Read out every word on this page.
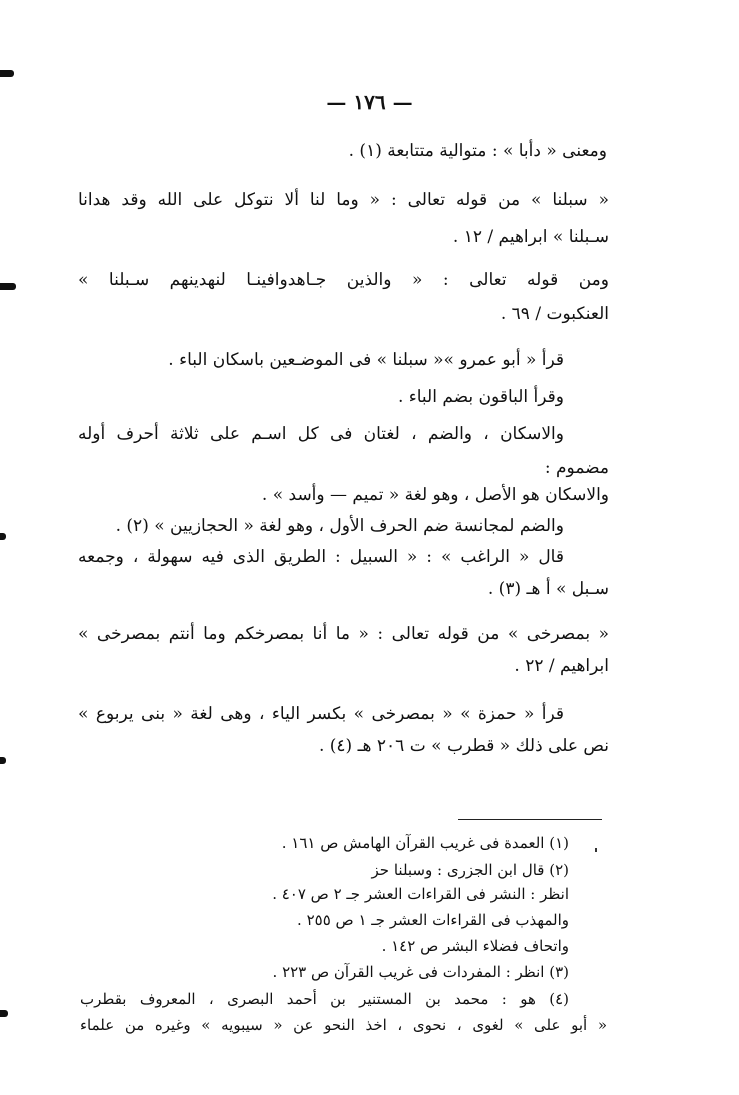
— ١٧٦ —
ومعنى « دأبا » : متوالية متتابعة (١) .
« سبلنا » من قوله تعالى : « وما لنا ألا نتوكل على الله وقد هدانا
سـبلنا » ابراهيم / ١٢ .
ومن قوله تعالى : « والذين جـاهدوافينـا لنهدينهم سـبلنا »
العنكبوت / ٦٩ .
قرأ « أبو عمرو »« سبلنا » فى الموضـعين باسكان الباء .
وقرأ الباقون بضم الباء .
والاسكان ، والضم ، لغتان فى كل اسـم على ثلاثة أحرف أوله
مضموم :
والاسكان هو الأصل ، وهو لغة « تميم — وأسد » .
والضم لمجانسة ضم الحرف الأول ، وهو لغة « الحجازيين » (٢) .
قال « الراغب » : « السبيل : الطريق الذى فيه سهولة ، وجمعه
سـبل » أ هـ (٣) .
« بمصرخى » من قوله تعالى : « ما أنا بمصرخكم وما أنتم بمصرخى »
ابراهيم / ٢٢ .
قرأ « حمزة » « بمصرخى » بكسر الياء ، وهى لغة « بنى يربوع »
نص على ذلك « قطرب » ت ٢٠٦ هـ (٤) .
(١) العمدة فى غريب القرآن الهامش ص ١٦١ .
(٢) قال ابن الجزرى : وسبلنا حز
انظر : النشر فى القراءات العشر جـ ٢ ص ٤٠٧ .
والمهذب فى القراءات العشر جـ ١ ص ٢٥٥ .
واتحاف فضلاء البشر ص ١٤٢ .
(٣) انظر : المفردات فى غريب القرآن ص ٢٢٣ .
(٤) هو : محمد بن المستنير بن أحمد البصرى ، المعروف بقطرب
« أبو على » لغوى ، نحوى ، اخذ النحو عن « سيبويه » وغيره من علماء
